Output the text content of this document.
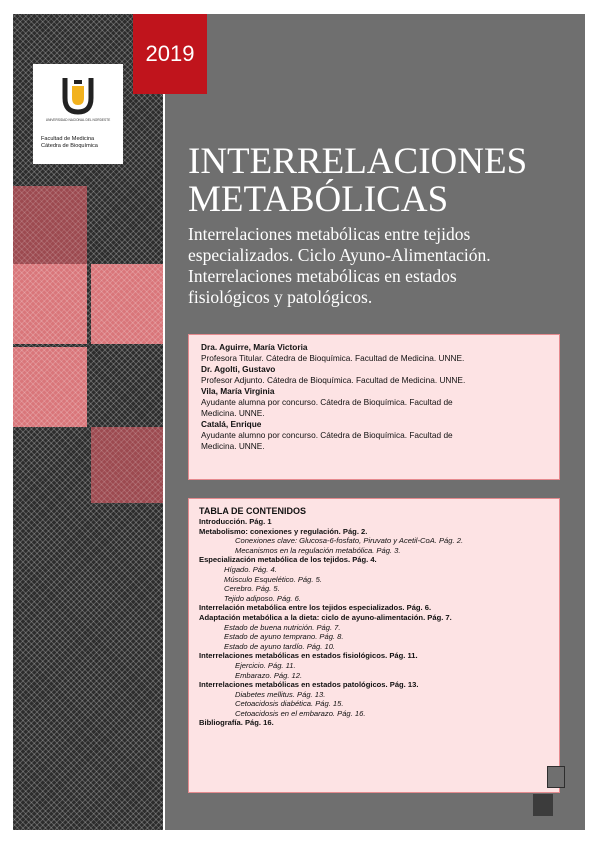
UNIVERSIDAD NACIONAL DEL NORDESTE
Facultad de Medicina
Cátedra de Bioquímica
2019
INTERRELACIONES
METABÓLICAS
Interrelaciones metabólicas entre tejidos
especializados. Ciclo Ayuno-Alimentación.
Interrelaciones metabólicas en estados
fisiológicos y patológicos.
Dra. Aguirre, María Victoria
Profesora Titular. Cátedra de Bioquímica. Facultad de Medicina. UNNE.
Dr. Agolti, Gustavo
Profesor Adjunto. Cátedra de Bioquímica. Facultad de Medicina. UNNE.
Vila, María Virginia
Ayudante alumna por concurso. Cátedra de Bioquímica. Facultad de
Medicina. UNNE.
Catalá, Enrique
Ayudante alumno por concurso. Cátedra de Bioquímica. Facultad de
Medicina. UNNE.
TABLA DE CONTENIDOS
Introducción. Pág. 1
Metabolismo: conexiones y regulación. Pág. 2.
Conexiones clave: Glucosa-6-fosfato, Piruvato y Acetil-CoA. Pág. 2.
Mecanismos en la regulación metabólica. Pág. 3.
Especialización metabólica de los tejidos. Pág. 4.
Hígado. Pág. 4.
Músculo Esquelético. Pág. 5.
Cerebro. Pág. 5.
Tejido adiposo. Pág. 6.
Interrelación metabólica entre los tejidos especializados. Pág. 6.
Adaptación metabólica a la dieta: ciclo de ayuno-alimentación. Pág. 7.
Estado de buena nutrición. Pág. 7.
Estado de ayuno temprano. Pág. 8.
Estado de ayuno tardío. Pág. 10.
Interrelaciones metabólicas en estados fisiológicos. Pág. 11.
Ejercicio. Pág. 11.
Embarazo. Pág. 12.
Interrelaciones metabólicas en estados patológicos. Pág. 13.
Diabetes mellitus. Pág. 13.
Cetoacidosis diabética. Pág. 15.
Cetoacidosis en el embarazo. Pág. 16.
Bibliografía. Pág. 16.
